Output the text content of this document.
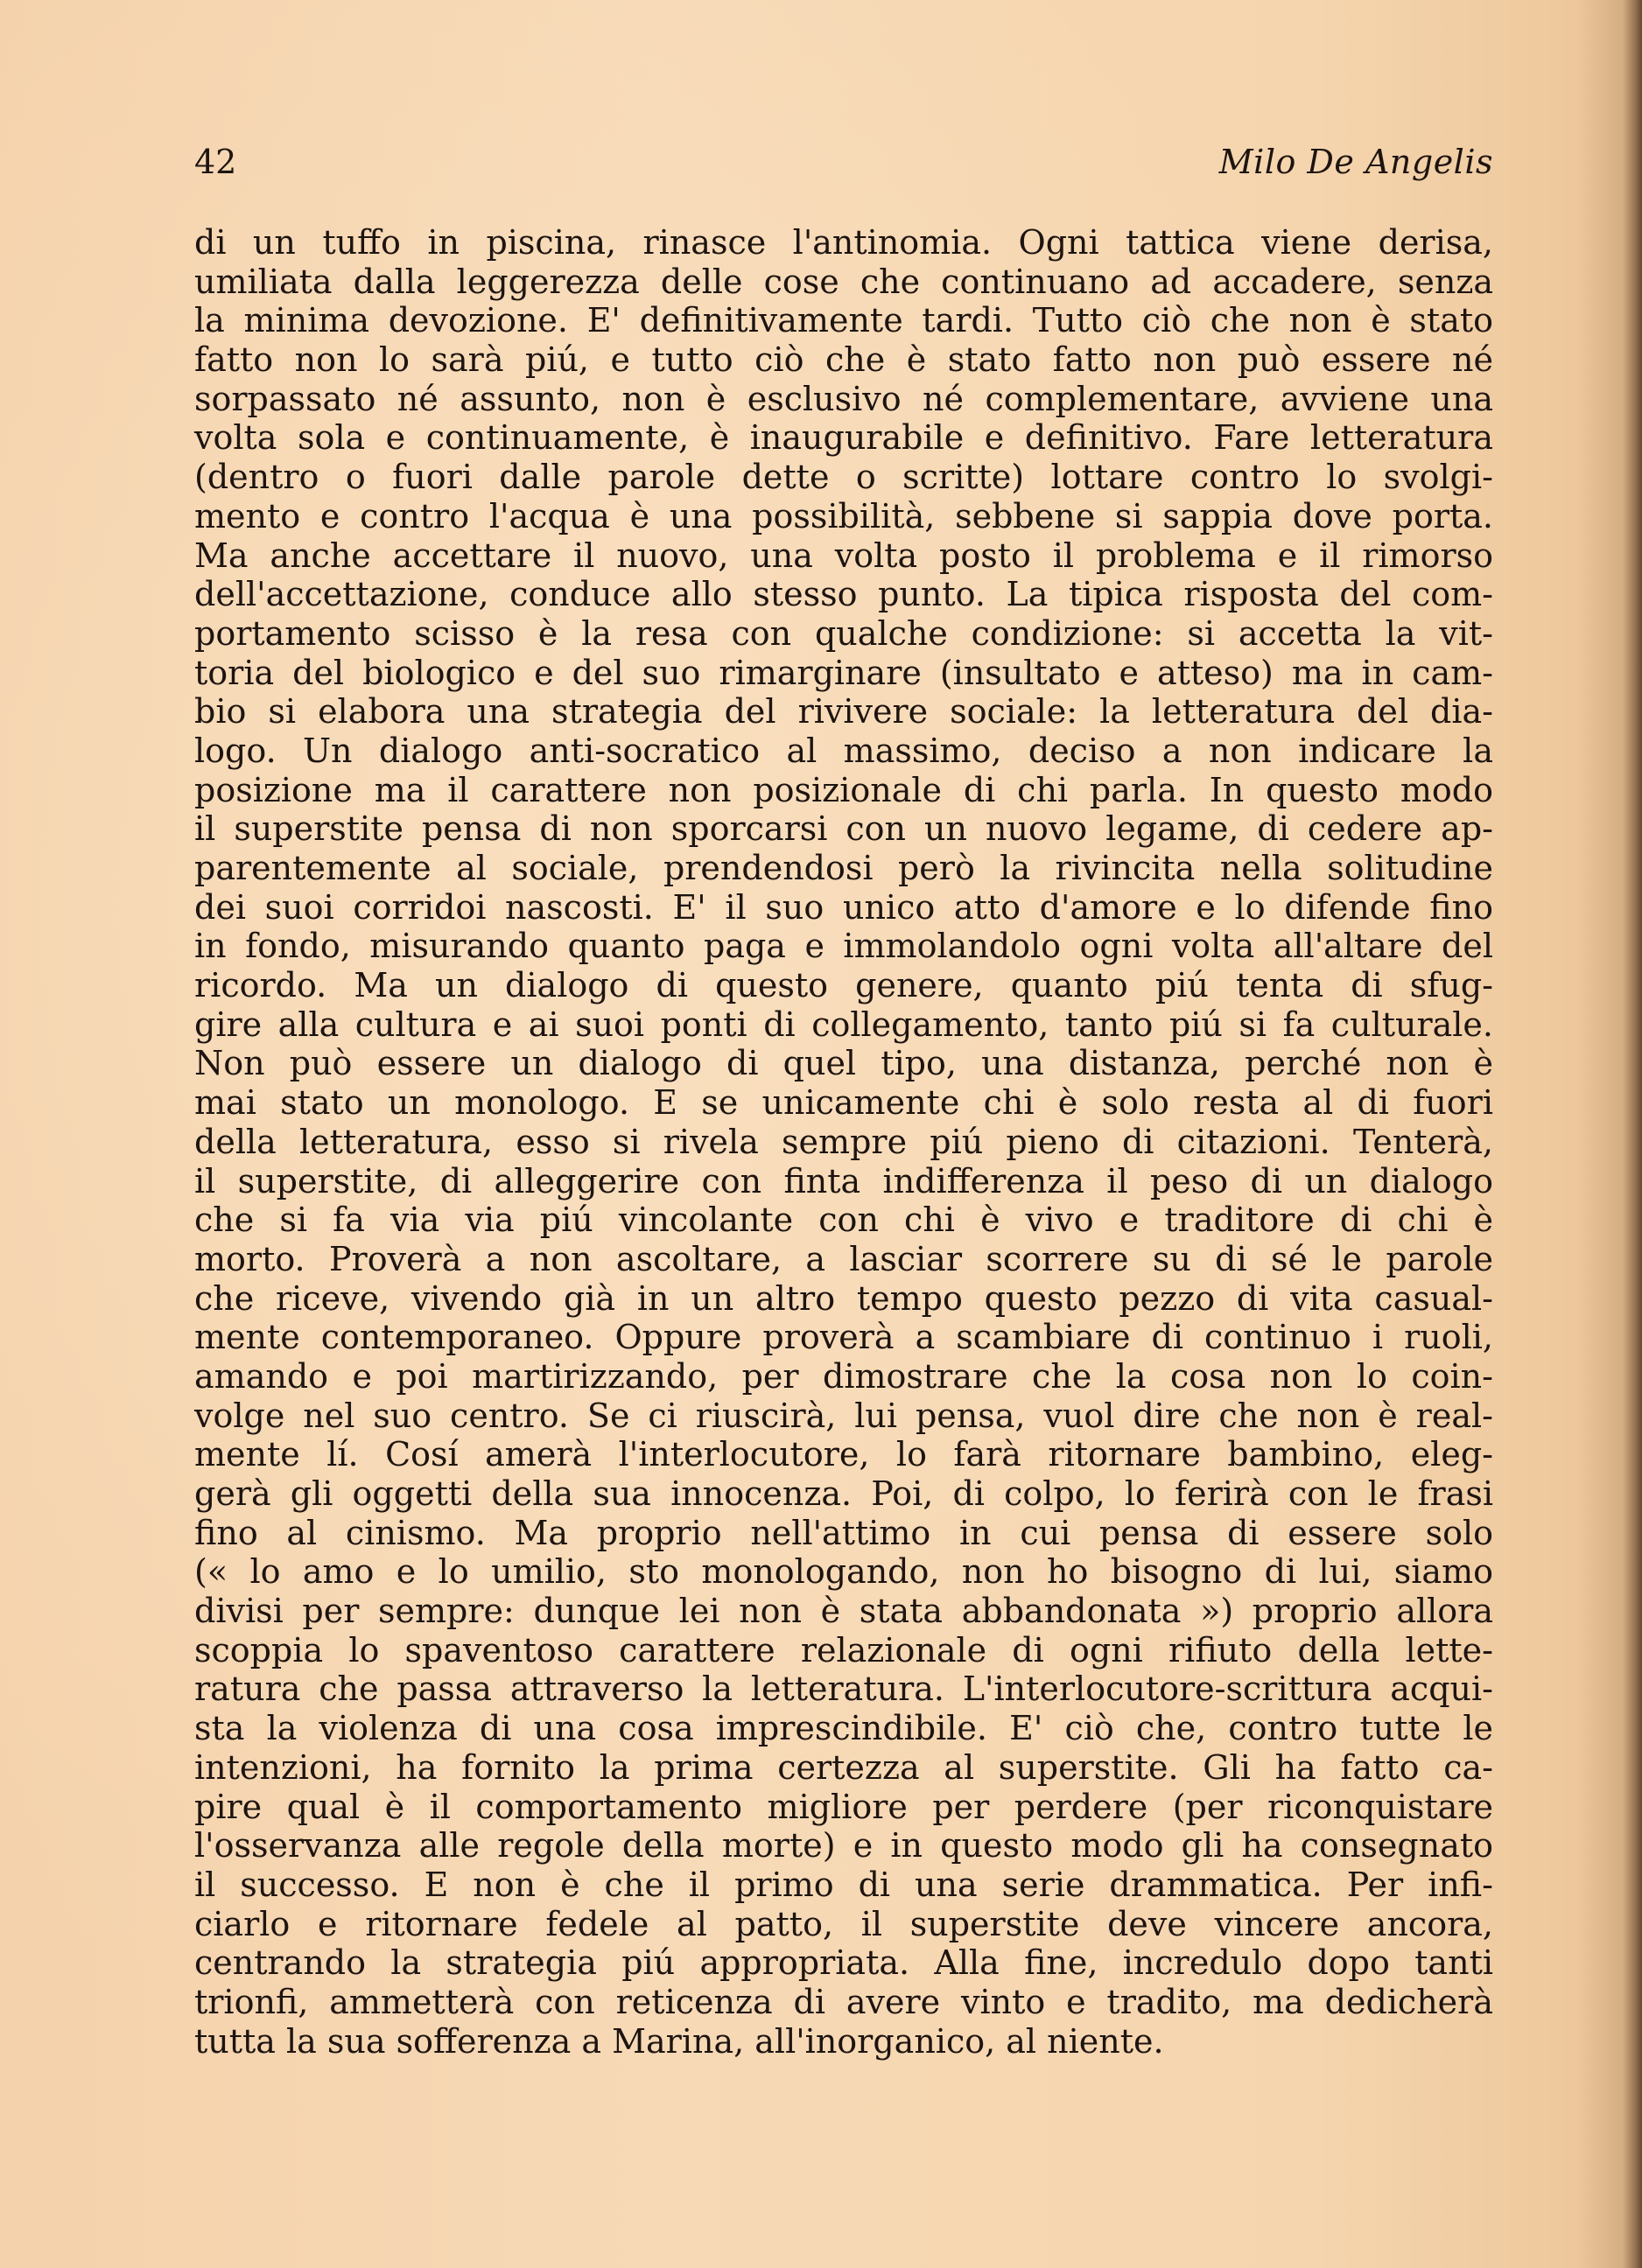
42	Milo De Angelis
di un tuffo in piscina, rinasce l'antinomia. Ogni tattica viene derisa,
umiliata dalla leggerezza delle cose che continuano ad accadere, senza
la minima devozione. E' definitivamente tardi. Tutto ciò che non è stato
fatto non lo sarà piú, e tutto ciò che è stato fatto non può essere né
sorpassato né assunto, non è esclusivo né complementare, avviene una
volta sola e continuamente, è inaugurabile e definitivo. Fare letteratura
(dentro o fuori dalle parole dette o scritte) lottare contro lo svolgi-
mento e contro l'acqua è una possibilità, sebbene si sappia dove porta.
Ma anche accettare il nuovo, una volta posto il problema e il rimorso
dell'accettazione, conduce allo stesso punto. La tipica risposta del com-
portamento scisso è la resa con qualche condizione: si accetta la vit-
toria del biologico e del suo rimarginare (insultato e atteso) ma in cam-
bio si elabora una strategia del rivivere sociale: la letteratura del dia-
logo. Un dialogo anti-socratico al massimo, deciso a non indicare la
posizione ma il carattere non posizionale di chi parla. In questo modo
il superstite pensa di non sporcarsi con un nuovo legame, di cedere ap-
parentemente al sociale, prendendosi però la rivincita nella solitudine
dei suoi corridoi nascosti. E' il suo unico atto d'amore e lo difende fino
in fondo, misurando quanto paga e immolandolo ogni volta all'altare del
ricordo. Ma un dialogo di questo genere, quanto piú tenta di sfug-
gire alla cultura e ai suoi ponti di collegamento, tanto piú si fa culturale.
Non può essere un dialogo di quel tipo, una distanza, perché non è
mai stato un monologo. E se unicamente chi è solo resta al di fuori
della letteratura, esso si rivela sempre piú pieno di citazioni. Tenterà,
il superstite, di alleggerire con finta indifferenza il peso di un dialogo
che si fa via via piú vincolante con chi è vivo e traditore di chi è
morto. Proverà a non ascoltare, a lasciar scorrere su di sé le parole
che riceve, vivendo già in un altro tempo questo pezzo di vita casual-
mente contemporaneo. Oppure proverà a scambiare di continuo i ruoli,
amando e poi martirizzando, per dimostrare che la cosa non lo coin-
volge nel suo centro. Se ci riuscirà, lui pensa, vuol dire che non è real-
mente lí. Cosí amerà l'interlocutore, lo farà ritornare bambino, eleg-
gerà gli oggetti della sua innocenza. Poi, di colpo, lo ferirà con le frasi
fino al cinismo. Ma proprio nell'attimo in cui pensa di essere solo
(« lo amo e lo umilio, sto monologando, non ho bisogno di lui, siamo
divisi per sempre: dunque lei non è stata abbandonata ») proprio allora
scoppia lo spaventoso carattere relazionale di ogni rifiuto della lette-
ratura che passa attraverso la letteratura. L'interlocutore-scrittura acqui-
sta la violenza di una cosa imprescindibile. E' ciò che, contro tutte le
intenzioni, ha fornito la prima certezza al superstite. Gli ha fatto ca-
pire qual è il comportamento migliore per perdere (per riconquistare
l'osservanza alle regole della morte) e in questo modo gli ha consegnato
il successo. E non è che il primo di una serie drammatica. Per infi-
ciarlo e ritornare fedele al patto, il superstite deve vincere ancora,
centrando la strategia piú appropriata. Alla fine, incredulo dopo tanti
trionfi, ammetterà con reticenza di avere vinto e tradito, ma dedicherà
tutta la sua sofferenza a Marina, all'inorganico, al niente.
